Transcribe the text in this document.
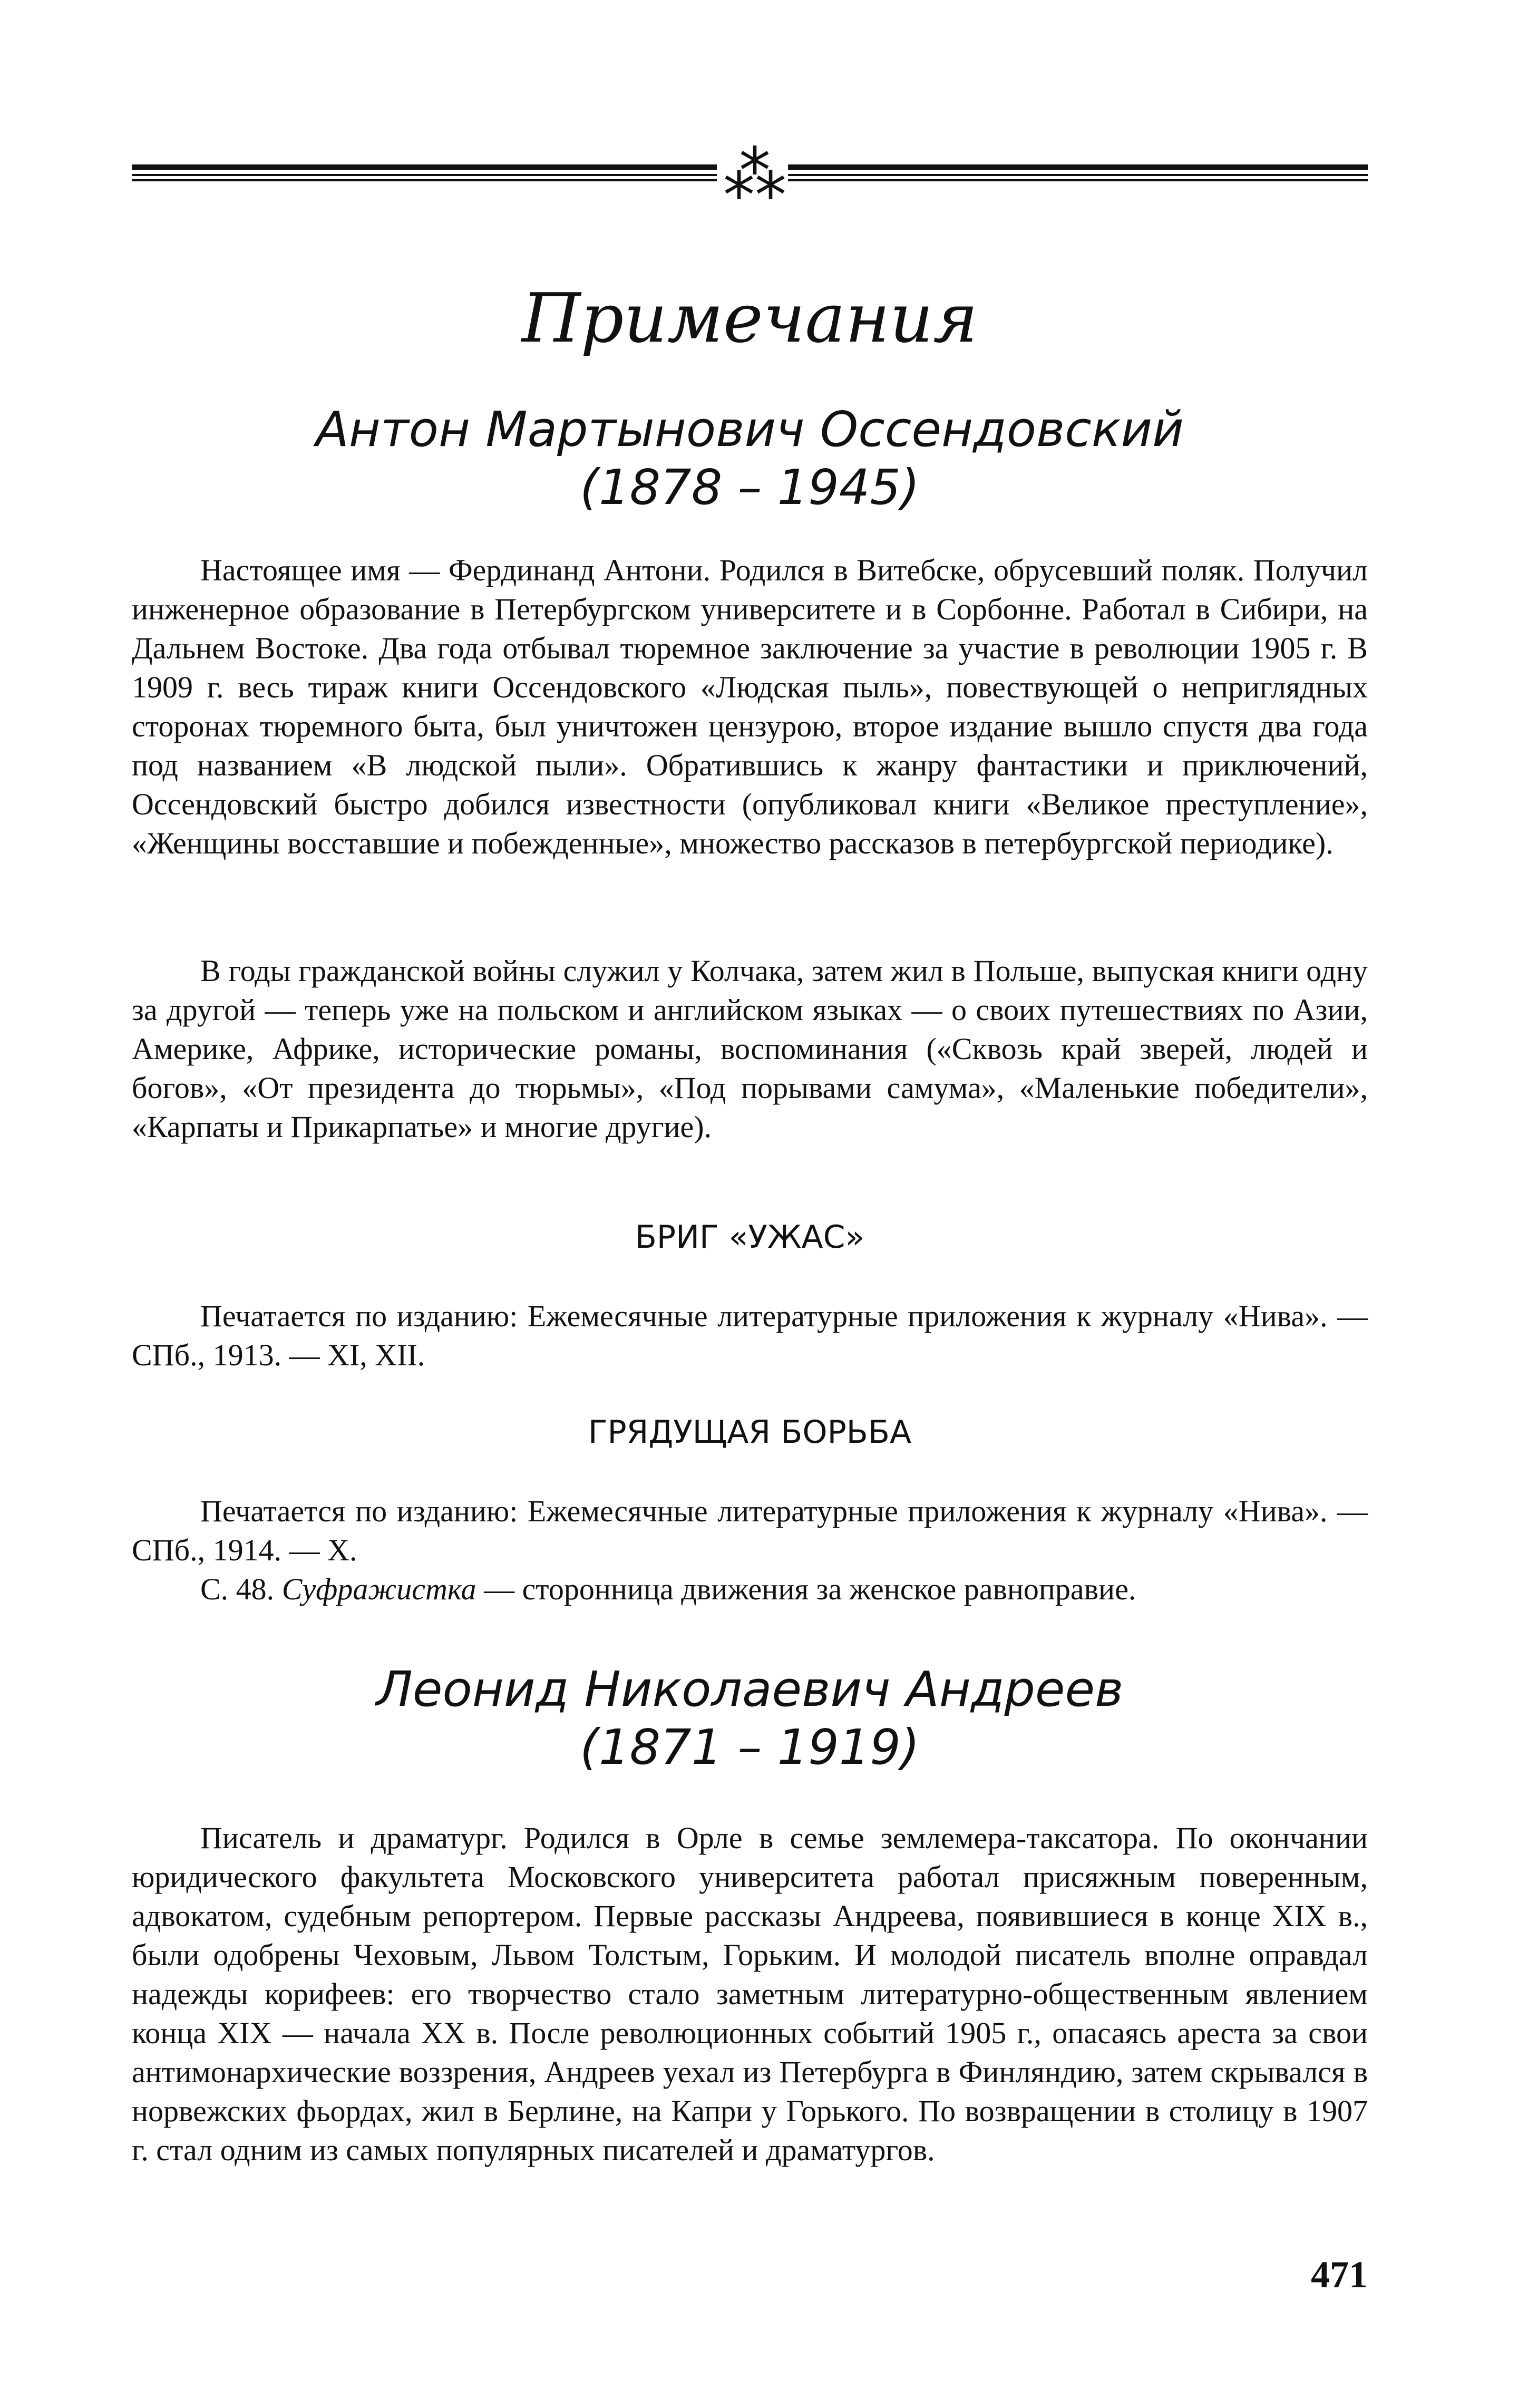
⁂
Примечания
Антон Мартынович Оссендовский
(1878 – 1945)

Настоящее имя — Фердинанд Антони. Родился в Витебске, обрусевший поляк. Получил инженерное образование в Петербургском университете и в Сорбонне. Работал в Сибири, на Дальнем Востоке. Два года отбывал тюремное заключение за участие в революции 1905 г. В 1909 г. весь тираж книги Оссендовского «Людская пыль», повествующей о неприглядных сторонах тюремного быта, был уничтожен цензурою, второе издание вышло спустя два года под названием «В людской пыли». Обратившись к жанру фантастики и приключений, Оссендовский быстро добился известности (опубликовал книги «Великое преступление», «Женщины восставшие и побежденные», множество рассказов в петербургской периодике).

В годы гражданской войны служил у Колчака, затем жил в Польше, выпуская книги одну за другой — теперь уже на польском и английском языках — о своих путешествиях по Азии, Америке, Африке, исторические романы, воспоминания («Сквозь край зверей, людей и богов», «От президента до тюрьмы», «Под порывами самума», «Маленькие победители», «Карпаты и Прикарпатье» и многие другие).

БРИГ «УЖАС»

Печатается по изданию: Ежемесячные литературные приложения к журналу «Нива». — СПб., 1913. — XI, XII.

ГРЯДУЩАЯ БОРЬБА

Печатается по изданию: Ежемесячные литературные приложения к журналу «Нива». — СПб., 1914. — X.

С. 48. Суфражистка — сторонница движения за женское равноправие.

Леонид Николаевич Андреев
(1871 – 1919)

Писатель и драматург. Родился в Орле в семье землемера-таксатора. По окончании юридического факультета Московского университета работал присяжным поверенным, адвокатом, судебным репортером. Первые рассказы Андреева, появившиеся в конце XIX в., были одобрены Чеховым, Львом Толстым, Горьким. И молодой писатель вполне оправдал надежды корифеев: его творчество стало заметным литературно-общественным явлением конца XIX — начала XX в. После революционных событий 1905 г., опасаясь ареста за свои антимонархические воззрения, Андреев уехал из Петербурга в Финляндию, затем скрывался в норвежских фьордах, жил в Берлине, на Капри у Горького. По возвращении в столицу в 1907 г. стал одним из самых популярных писателей и драматургов.

471
